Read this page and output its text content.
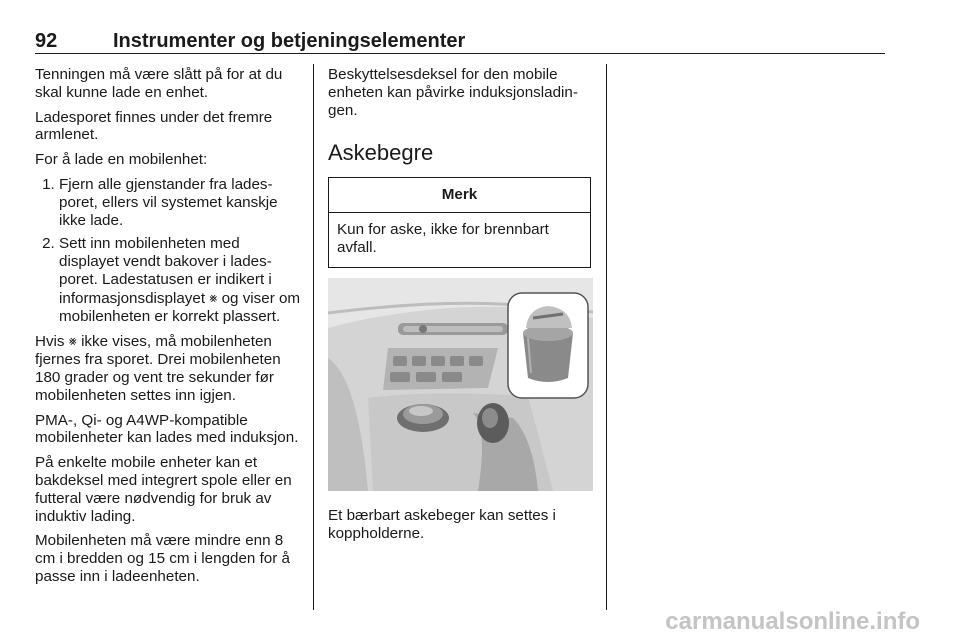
92	Instrumenter og betjeningselementer

Tenningen må være slått på for at du skal kunne lade en enhet.

Ladesporet finnes under det fremre armlenet.

For å lade en mobilenhet:

1. Fjern alle gjenstander fra ladesporet, ellers vil systemet kanskje ikke lade.
2. Sett inn mobilenheten med displayet vendt bakover i ladesporet. Ladestatusen er indikert i informasjonsdisplayet ⨳ og viser om mobilenheten er korrekt plassert.

Hvis ⨳ ikke vises, må mobilenheten fjernes fra sporet. Drei mobilenheten 180 grader og vent tre sekunder før mobilenheten settes inn igjen.

PMA-, Qi- og A4WP-kompatible mobilenheter kan lades med induksjon.

På enkelte mobile enheter kan et bakdeksel med integrert spole eller en futteral være nødvendig for bruk av induktiv lading.

Mobilenheten må være mindre enn 8 cm i bredden og 15 cm i lengden for å passe inn i ladeenheten.

Beskyttelsesdeksel for den mobile enheten kan påvirke induksjonsladingen.

Askebegre
Merk
Kun for aske, ikke for brennbart avfall.

Et bærbart askebeger kan settes i koppholderne.

carmanualsonline.info
